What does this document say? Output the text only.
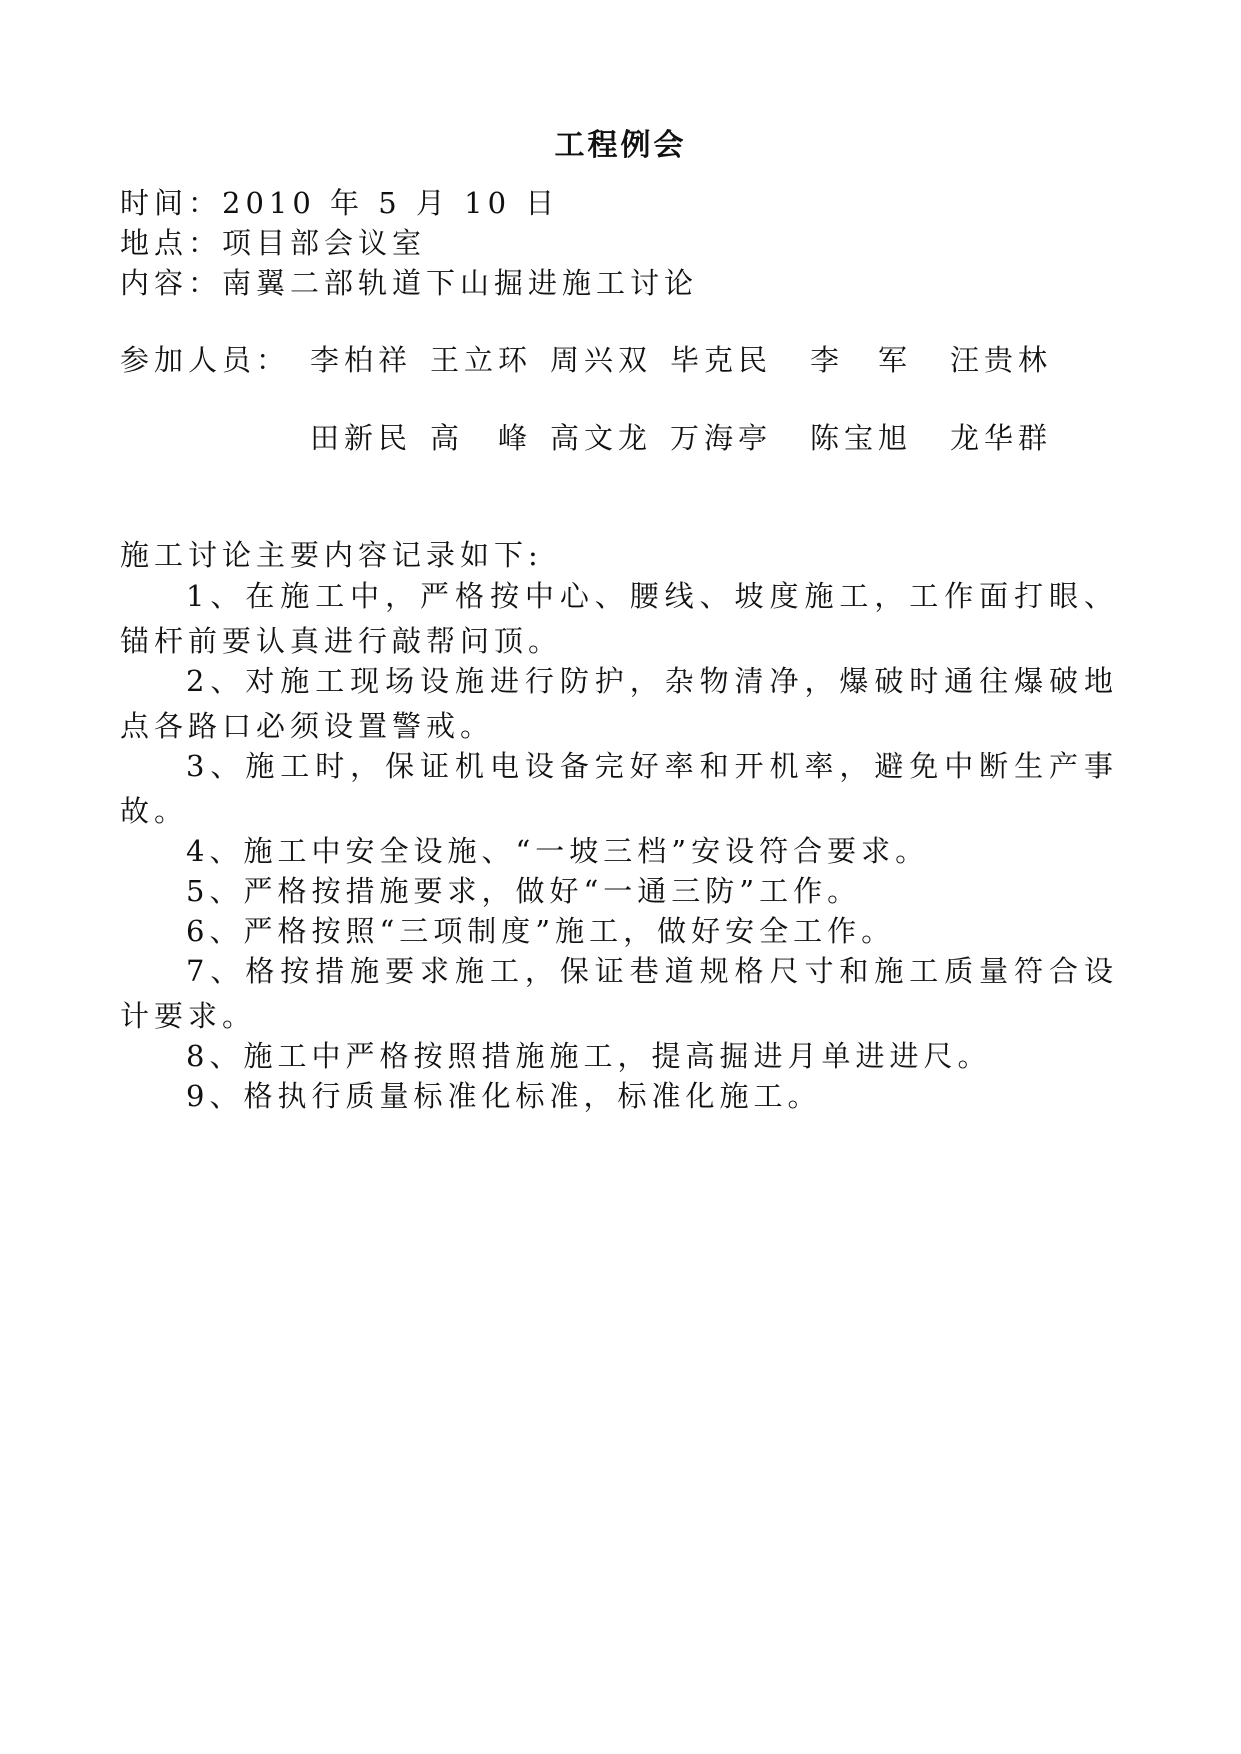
工程例会
时间：2010 年 5 月 10 日
地点：项目部会议室
内容：南翼二部轨道下山掘进施工讨论
参加人员： 李柏祥 王立环 周兴双 毕克民 李　军 汪贵林
田新民 高　峰 高文龙 万海亭 陈宝旭 龙华群
施工讨论主要内容记录如下:
1、在施工中，严格按中心、腰线、坡度施工，工作面打眼、锚杆前要认真进行敲帮问顶。
2、对施工现场设施进行防护，杂物清净，爆破时通往爆破地点各路口必须设置警戒。
3、施工时，保证机电设备完好率和开机率，避免中断生产事故。
4、施工中安全设施、“一坡三档”安设符合要求。
5、严格按措施要求，做好“一通三防”工作。
6、严格按照“三项制度”施工，做好安全工作。
7、格按措施要求施工，保证巷道规格尺寸和施工质量符合设计要求。
8、施工中严格按照措施施工，提高掘进月单进进尺。
9、格执行质量标准化标准，标准化施工。
